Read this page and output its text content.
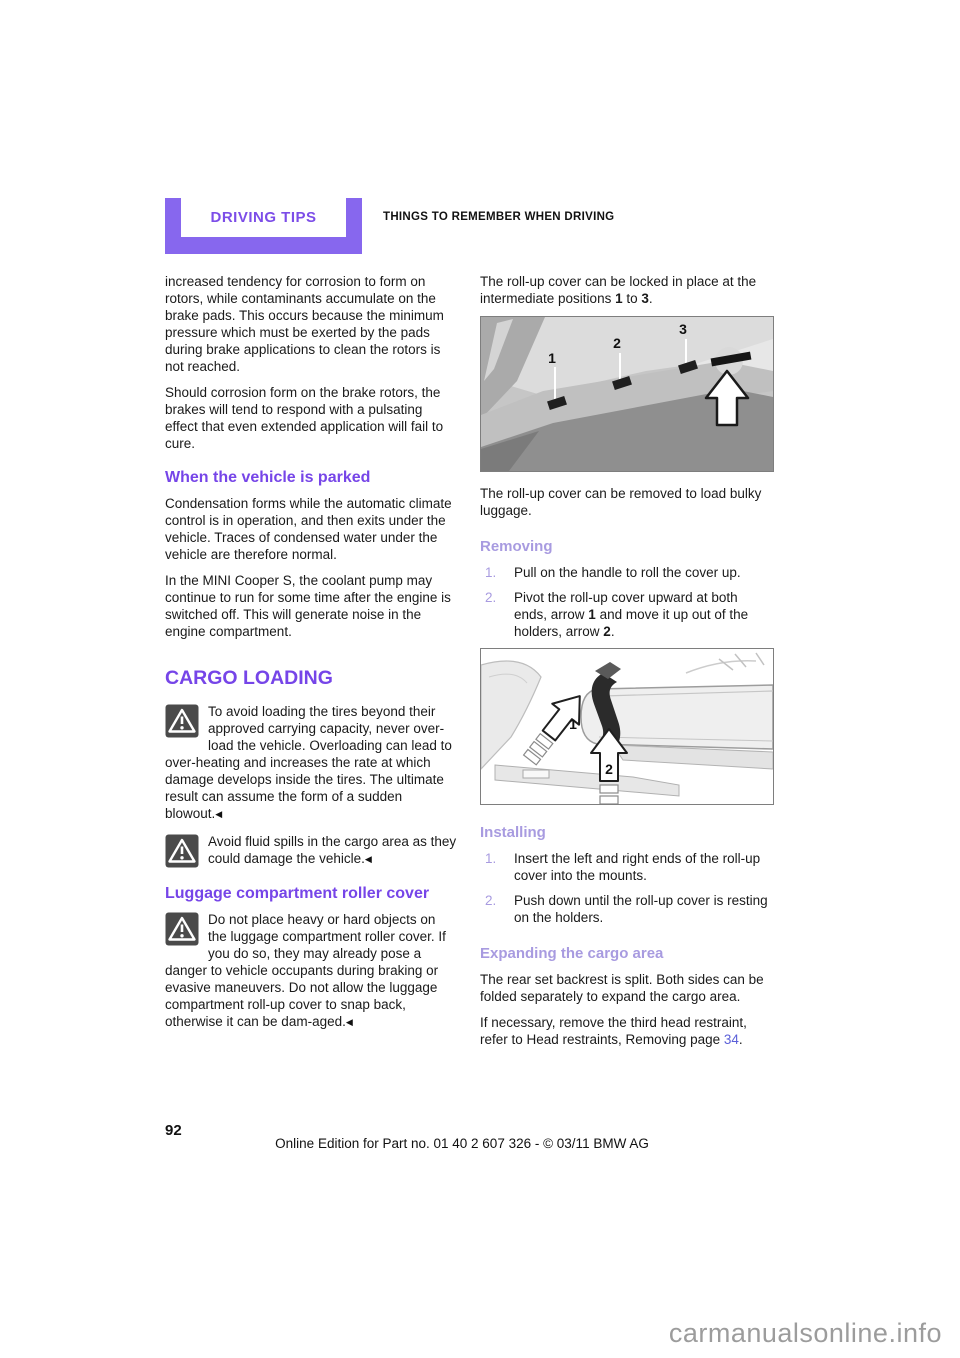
DRIVING TIPS	THINGS TO REMEMBER WHEN DRIVING

increased tendency for corrosion to form on rotors, while contaminants accumulate on the brake pads. This occurs because the minimum pressure which must be exerted by the pads during brake applications to clean the rotors is not reached.

Should corrosion form on the brake rotors, the brakes will tend to respond with a pulsating effect that even extended application will fail to cure.

When the vehicle is parked

Condensation forms while the automatic climate control is in operation, and then exits under the vehicle. Traces of condensed water under the vehicle are therefore normal.

In the MINI Cooper S, the coolant pump may continue to run for some time after the engine is switched off. This will generate noise in the engine compartment.

CARGO LOADING
To avoid loading the tires beyond their approved carrying capacity, never over-load the vehicle. Overloading can lead to over-heating and increases the rate at which damage develops inside the tires. The ultimate result can assume the form of a sudden blowout.◀
Avoid fluid spills in the cargo area as they could damage the vehicle.◀
Luggage compartment roller cover
Do not place heavy or hard objects on the luggage compartment roller cover. If you do so, they may already pose a danger to vehicle occupants during braking or evasive maneuvers. Do not allow the luggage compartment roll-up cover to snap back, otherwise it can be dam-aged.◀

The roll-up cover can be locked in place at the intermediate positions 1 to 3.

1
2
3

The roll-up cover can be removed to load bulky luggage.

Removing
1.	Pull on the handle to roll the cover up.
2.	Pivot the roll-up cover upward at both ends, arrow 1 and move it up out of the holders, arrow 2.
1
2
Installing
1.	Insert the left and right ends of the roll-up cover into the mounts.
2.	Push down until the roll-up cover is resting on the holders.
Expanding the cargo area

The rear set backrest is split. Both sides can be folded separately to expand the cargo area.

If necessary, remove the third head restraint, refer to Head restraints, Removing page 34.

92
Online Edition for Part no. 01 40 2 607 326 - © 03/11 BMW AG
carmanualsonline.info
